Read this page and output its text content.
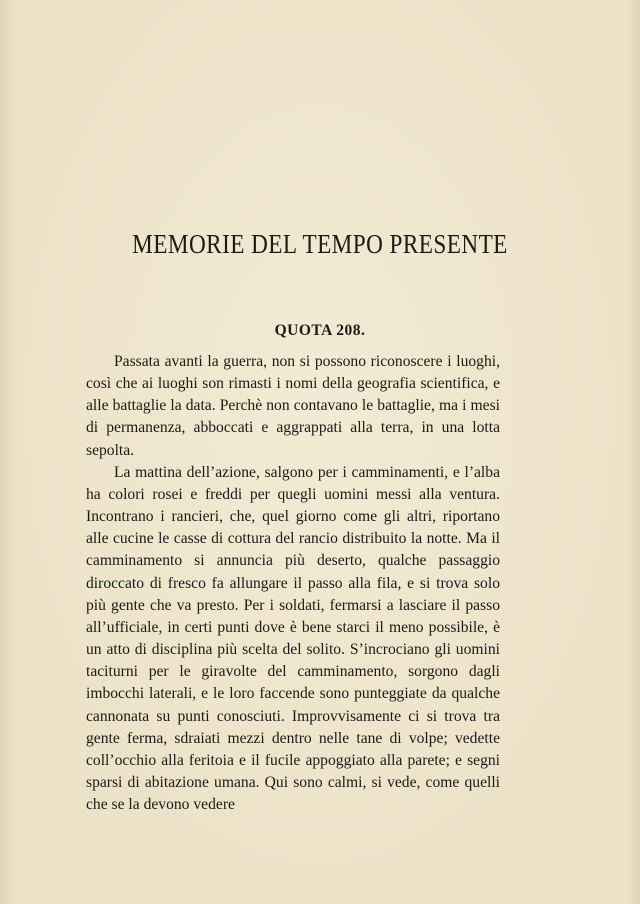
MEMORIE DEL TEMPO PRESENTE
QUOTA 208.

Passata avanti la guerra, non si possono riconoscere i luoghi, così che ai luoghi son rimasti i nomi della geografia scientifica, e alle battaglie la data. Perchè non contavano le battaglie, ma i mesi di permanenza, abboccati e aggrappati alla terra, in una lotta sepolta.

La mattina dell’azione, salgono per i camminamenti, e l’alba ha colori rosei e freddi per quegli uomini messi alla ventura. Incontrano i rancieri, che, quel giorno come gli altri, riportano alle cucine le casse di cottura del rancio distribuito la notte. Ma il camminamento si annuncia più deserto, qualche passaggio diroccato di fresco fa allungare il passo alla fila, e si trova solo più gente che va presto. Per i soldati, fermarsi a lasciare il passo all’ufficiale, in certi punti dove è bene starci il meno possibile, è un atto di disciplina più scelta del solito. S’incrociano gli uomini taciturni per le giravolte del camminamento, sorgono dagli imbocchi laterali, e le loro faccende sono punteggiate da qualche cannonata su punti conosciuti. Improvvisamente ci si trova tra gente ferma, sdraiati mezzi dentro nelle tane di volpe; vedette coll’occhio alla feritoia e il fucile appoggiato alla parete; e segni sparsi di abitazione umana. Qui sono calmi, si vede, come quelli che se la devono vedere
